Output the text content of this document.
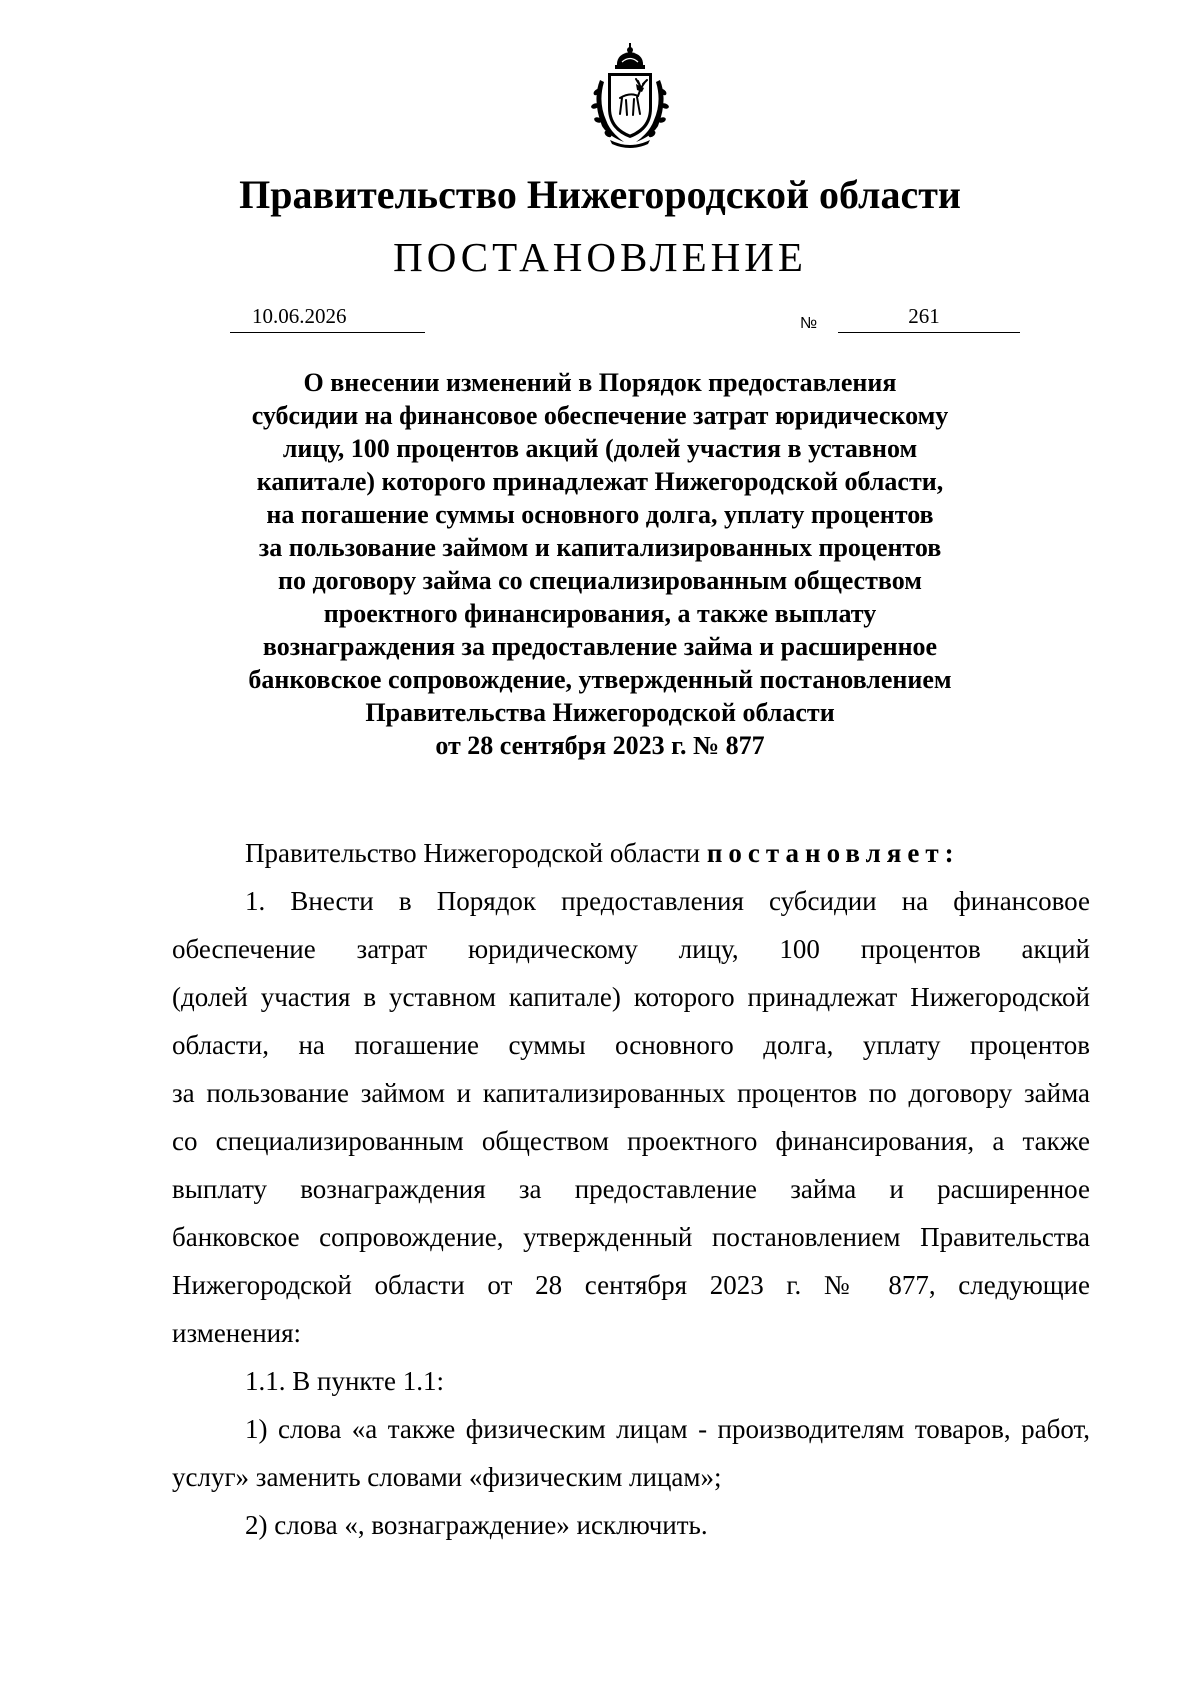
Правительство Нижегородской области
ПОСТАНОВЛЕНИЕ
10.06.2026	№	261
О внесении изменений в Порядок предоставления
субсидии на финансовое обеспечение затрат юридическому
лицу, 100 процентов акций (долей участия в уставном
капитале) которого принадлежат Нижегородской области,
на погашение суммы основного долга, уплату процентов
за пользование займом и капитализированных процентов
по договору займа со специализированным обществом
проектного финансирования, а также выплату
вознаграждения за предоставление займа и расширенное
банковское сопровождение, утвержденный постановлением
Правительства Нижегородской области
от 28 сентября 2023 г. № 877
Правительство Нижегородской области постановляет:
1. Внести в Порядок предоставления субсидии на финансовое
обеспечение затрат юридическому лицу, 100 процентов акций
(долей участия в уставном капитале) которого принадлежат Нижегородской
области, на погашение суммы основного долга, уплату процентов
за пользование займом и капитализированных процентов по договору займа
со специализированным обществом проектного финансирования, а также
выплату вознаграждения за предоставление займа и расширенное
банковское сопровождение, утвержденный постановлением Правительства
Нижегородской области от 28 сентября 2023 г. № 877, следующие
изменения:
1.1. В пункте 1.1:
1) слова «а также физическим лицам - производителям товаров, работ,
услуг» заменить словами «физическим лицам»;
2) слова «, вознаграждение» исключить.
